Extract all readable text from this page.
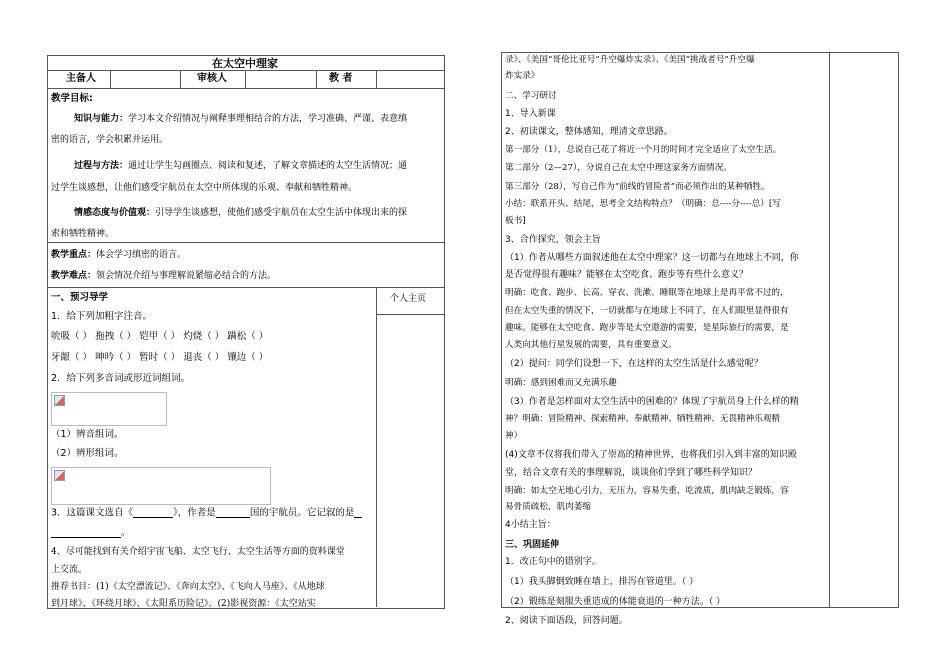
在太空中理家
主备人	审核人	教 者
教学目标:
知识与能力：学习本文介绍情况与阐释事理相结合的方法，学习准确、严谨、表意缜
密的语言，学会积累并运用。
过程与方法：通过让学生勾画圈点、阅读和复述，了解文章描述的太空生活情况；通
过学生谈感想，让他们感受宇航员在太空中所体现的乐观、奉献和牺牲精神。
情感态度与价值观：引导学生谈感想，使他们感受宇航员在太空生活中体现出来的探
索和牺牲精神。
教学重点：体会学习缜密的语言。
教学难点：领会情况介绍与事理解说紧缩必结合的方法。
一、预习导学	个人主页
1．给下列加粗字注音。
吮吸（ ） 拖拽（ ） 铠甲（ ） 灼烧（ ） 蹒松（ ）
牙龈（ ） 呻吟（ ） 暂时（ ） 退丧（ ） 镶边（ ）
2．给下列多音词或形近词组词。
（1）辨音组词。
（2）辨形组词。
3．这篇课文选自《	》，作者是	国的宇航员。它记叙的是
。
4、尽可能找到有关介绍宇宙飞船、太空飞行、太空生活等方面的资料课堂
上交流。
推荐书目：(1)《太空漂流记》、《奔向太空》、《飞向人马座》、《从地球
到月球》、《环绕月球》、《太阳系历险记》。(2)影视资源：《太空站实
录》、《美国“哥伦比亚号”升空爆炸实录》、《美国“挑战者号”升空爆
炸实录》
二、学习研讨
1、导入新课
2、初读课文，整体感知，理清文章思路。
第一部分（1），总说自己花了将近一个月的时间才完全适应了太空生活。
第二部分（2—27），分说自己在太空中理这家务方面情况。
第三部分（28），写自己作为“前线的冒险者”而必须作出的某种牺牲。
小结：联系开头、结尾，思考全文结构特点？（明确：总----分----总）[写
板书]
3、合作探究，领会主旨
（1）作者从哪些方面叙述他在太空中理家？这一切都与在地球上不同，你
是否觉得很有趣味？能够在太空吃食、跑步等有些什么意义？
明确：吃食、跑步、长高、穿衣、洗漱、睡眠等在地球上是再平常不过的，
但在太空失重的情况下，一切就都与在地球上不同了，在人们眼里显得很有
趣味。能够在太空吃食、跑步等是太空遨游的需要，是星际旅行的需要，是
人类向其他行星发展的需要，具有重要意义。
（2）提问：同学们设想一下，在这样的太空生活是什么感觉呢？
明确：感到困难而又充满乐趣
（3）作者是怎样面对太空生活中的困难的？体现了宇航员身上什么样的精
神？明确：冒险精神、探索精神、奉献精神、牺牲精神、无畏精神乐观精
神）
(4)文章不仅将我们带入了崇高的精神世界，也将我们引入到丰富的知识殿
堂，结合文章有关的事理解说，谈谈你们学到了哪些科学知识？
明确：如太空无地心引力，无压力，容易失重，吃流质，肌肉缺乏锻炼，容
易骨质疏松，肌肉萎缩
4小结主旨：
三、巩固延伸
1．改正句中的错别字。
（1）我头脚倒致睡在墙上，排泻在管道里。（ ）
（2）锻练是刻服失重造成的体能衰退的一种方法。（ ）
2、阅读下面语段，回答问题。
